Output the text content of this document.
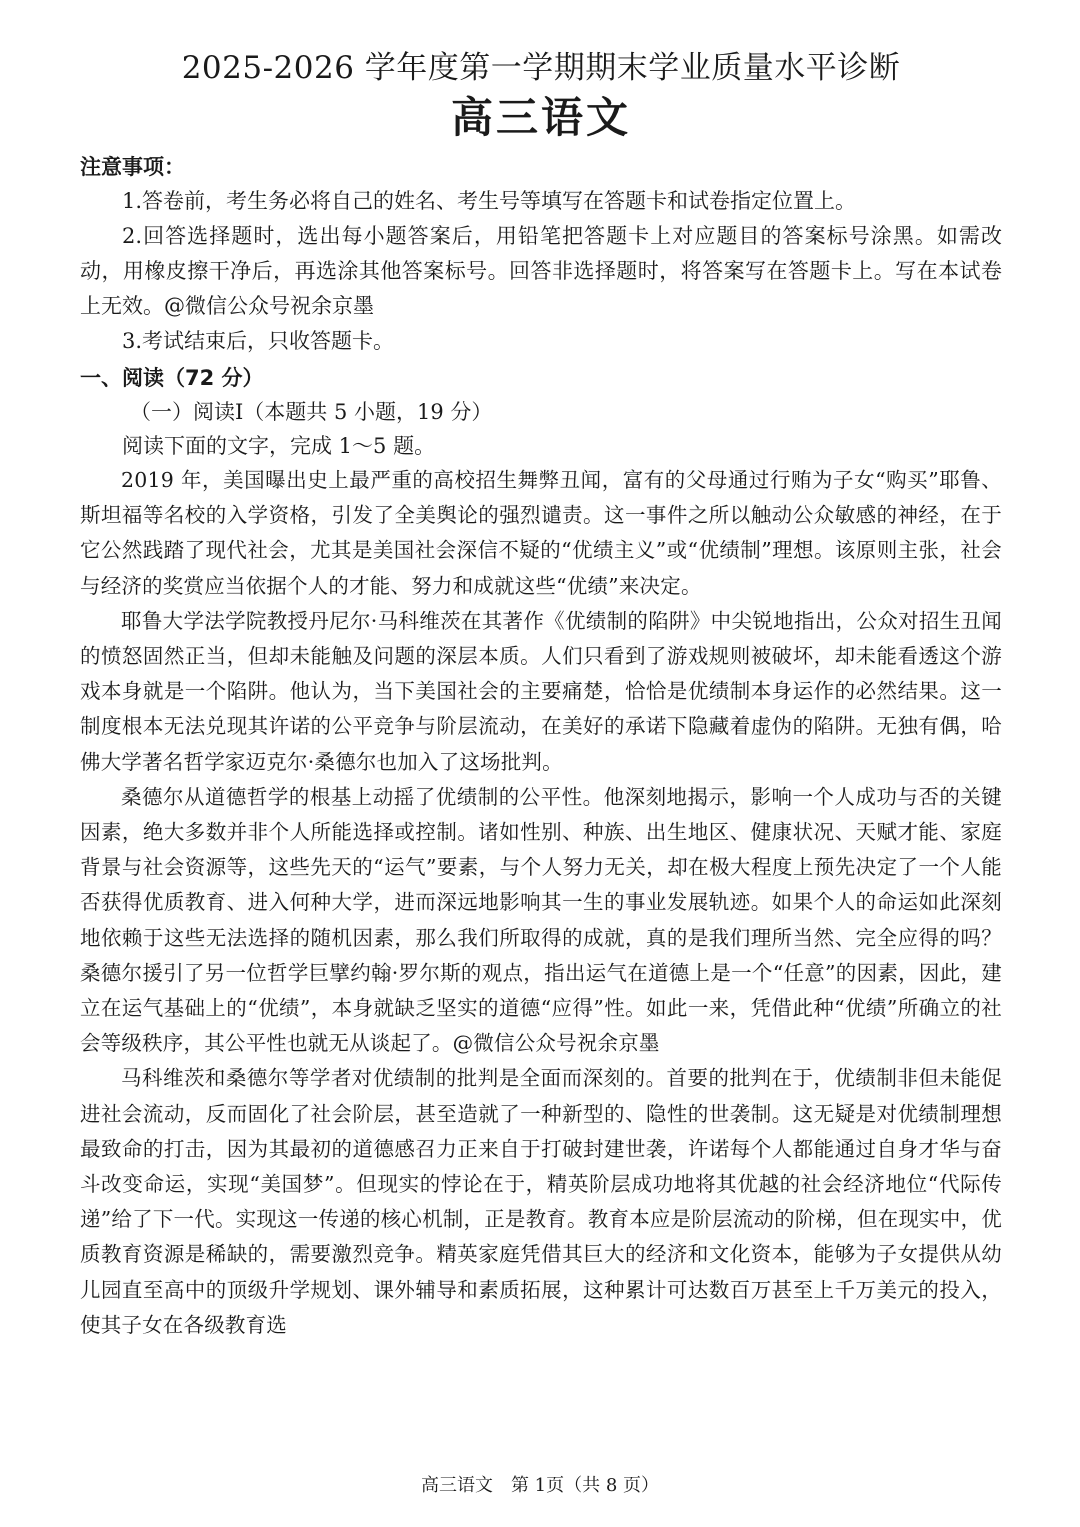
2025-2026 学年度第一学期期末学业质量水平诊断
高三语文

注意事项：

1.答卷前，考生务必将自己的姓名、考生号等填写在答题卡和试卷指定位置上。

2.回答选择题时，选出每小题答案后，用铅笔把答题卡上对应题目的答案标号涂黑。如需改动，用橡皮擦干净后，再选涂其他答案标号。回答非选择题时，将答案写在答题卡上。写在本试卷上无效。@微信公众号祝余京墨

3.考试结束后，只收答题卡。

一、阅读（72 分）

（一）阅读Ⅰ（本题共 5 小题，19 分）

阅读下面的文字，完成 1～5 题。

2019 年，美国曝出史上最严重的高校招生舞弊丑闻，富有的父母通过行贿为子女“购买”耶鲁、斯坦福等名校的入学资格，引发了全美舆论的强烈谴责。这一事件之所以触动公众敏感的神经，在于它公然践踏了现代社会，尤其是美国社会深信不疑的“优绩主义”或“优绩制”理想。该原则主张，社会与经济的奖赏应当依据个人的才能、努力和成就这些“优绩”来决定。

耶鲁大学法学院教授丹尼尔·马科维茨在其著作《优绩制的陷阱》中尖锐地指出，公众对招生丑闻的愤怒固然正当，但却未能触及问题的深层本质。人们只看到了游戏规则被破坏，却未能看透这个游戏本身就是一个陷阱。他认为，当下美国社会的主要痛楚，恰恰是优绩制本身运作的必然结果。这一制度根本无法兑现其许诺的公平竞争与阶层流动，在美好的承诺下隐藏着虚伪的陷阱。无独有偶，哈佛大学著名哲学家迈克尔·桑德尔也加入了这场批判。

桑德尔从道德哲学的根基上动摇了优绩制的公平性。他深刻地揭示，影响一个人成功与否的关键因素，绝大多数并非个人所能选择或控制。诸如性别、种族、出生地区、健康状况、天赋才能、家庭背景与社会资源等，这些先天的“运气”要素，与个人努力无关，却在极大程度上预先决定了一个人能否获得优质教育、进入何种大学，进而深远地影响其一生的事业发展轨迹。如果个人的命运如此深刻地依赖于这些无法选择的随机因素，那么我们所取得的成就，真的是我们理所当然、完全应得的吗？桑德尔援引了另一位哲学巨擘约翰·罗尔斯的观点，指出运气在道德上是一个“任意”的因素，因此，建立在运气基础上的“优绩”，本身就缺乏坚实的道德“应得”性。如此一来，凭借此种“优绩”所确立的社会等级秩序，其公平性也就无从谈起了。@微信公众号祝余京墨

马科维茨和桑德尔等学者对优绩制的批判是全面而深刻的。首要的批判在于，优绩制非但未能促进社会流动，反而固化了社会阶层，甚至造就了一种新型的、隐性的世袭制。这无疑是对优绩制理想最致命的打击，因为其最初的道德感召力正来自于打破封建世袭，许诺每个人都能通过自身才华与奋斗改变命运，实现“美国梦”。但现实的悖论在于，精英阶层成功地将其优越的社会经济地位“代际传递”给了下一代。实现这一传递的核心机制，正是教育。教育本应是阶层流动的阶梯，但在现实中，优质教育资源是稀缺的，需要激烈竞争。精英家庭凭借其巨大的经济和文化资本，能够为子女提供从幼儿园直至高中的顶级升学规划、课外辅导和素质拓展，这种累计可达数百万甚至上千万美元的投入，使其子女在各级教育选

高三语文　第 1页（共 8 页）
